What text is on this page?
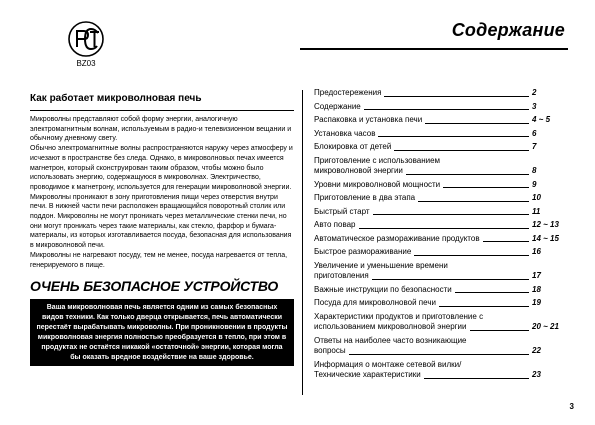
BZ03
Содержание
Как работает микроволновая печь

Микроволны представляют собой форму энергии, аналогичную электромагнитным волнам, используемым в радио-и телевизионном вещании и обычному дневному свету.

Обычно электромагнитные волны распространяются наружу через атмосферу и исчезают в пространстве без следа. Однако, в микроволновых печах имеется магнетрон, который сконструирован таким образом, чтобы можно было использовать энергию, содержащуюся в микроволнах. Электричество, проводимое к магнетрону, используется для генерации микроволновой энергии.

Микроволны проникают в зону приготовления пищи через отверстия внутри печи. В нижней части печи расположен вращающийся поворотный столик или поддон. Микроволны не могут проникать через металлические стенки печи, но они могут проникать через такие материалы, как стекло, фарфор и бумага- материалы, из которых изготавливается посуда, безопасная для использования в микроволновой печи.

Микроволны не нагревают посуду, тем не менее, посуда нагревается от тепла, генерируемого в пище.

ОЧЕНЬ БЕЗОПАСНОЕ УСТРОЙСТВО

Ваша микроволновая печь является одним из самых безопасных видов техники. Как только дверца открывается, печь автоматически перестаёт вырабатывать микроволны. При проникновении в продукты микроволновая энергия полностью преобразуется в тепло, при этом в продуктах не остаётся никакой «остаточной» энергии, которая могла бы оказать вредное воздействие на ваше здоровье.

Предостережения	2
Содержание	3
Распаковка и установка печи	4 ~ 5
Установка часов	6
Блокировка от детей	7
Приготовление с использованием
микроволновой энергии	8
Уровни микроволновой мощности	9
Приготовление в два этапа	10
Быстрый старт	11
Авто повар	12 ~ 13
Автоматическое размораживание продуктов	14 ~ 15
Быстрое размораживание	16
Увеличение и уменьшение времени
приготовления	17
Важные инструкции по безопасности	18
Посуда для микроволновой печи	19
Характеристики продуктов и приготовление с
использованием микроволновой энергии	20 ~ 21
Ответы на наиболее часто возникающие
вопросы	22
Информация о монтаже сетевой вилки/
Технические характеристики	23
3
